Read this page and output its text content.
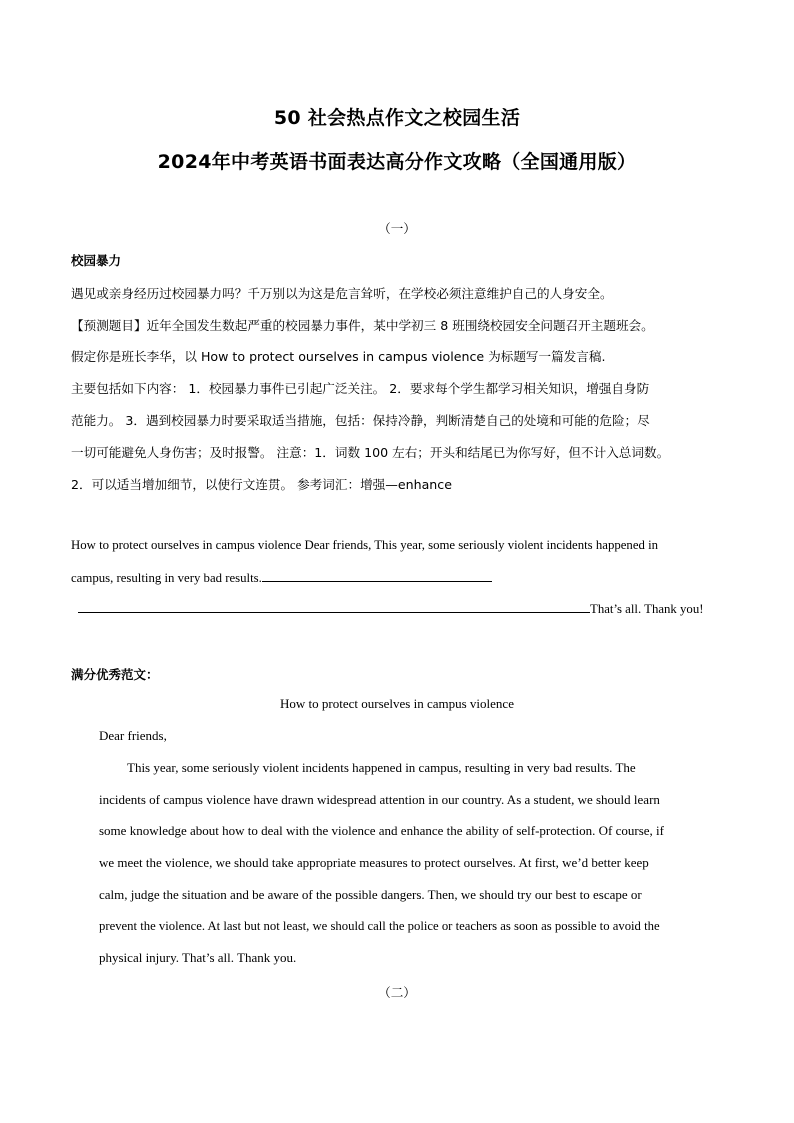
50 社会热点作文之校园生活
2024年中考英语书面表达高分作文攻略（全国通用版）
（一）
校园暴力
遇见或亲身经历过校园暴力吗？千万别以为这是危言耸听，在学校必须注意维护自己的人身安全。
【预测题目】近年全国发生数起严重的校园暴力事件，某中学初三 8 班围绕校园安全问题召开主题班会。
假定你是班长李华，以 How to protect ourselves in campus violence 为标题写一篇发言稿.
主要包括如下内容： 1．校园暴力事件已引起广泛关注。 2．要求每个学生都学习相关知识，增强自身防
范能力。 3．遇到校园暴力时要采取适当措施，包括：保持冷静，判断清楚自己的处境和可能的危险；尽
一切可能避免人身伤害；及时报警。 注意：1．词数 100 左右；开头和结尾已为你写好，但不计入总词数。
2．可以适当增加细节，以使行文连贯。 参考词汇：增强—enhance
How to protect ourselves in campus violence Dear friends, This year, some seriously violent incidents happened in
campus, resulting in very bad results.
That’s all. Thank you!
满分优秀范文：
How to protect ourselves in campus violence
Dear friends,
This year, some seriously violent incidents happened in campus, resulting in very bad results. The
incidents of campus violence have drawn widespread attention in our country. As a student, we should learn
some knowledge about how to deal with the violence and enhance the ability of self-protection. Of course, if
we meet the violence, we should take appropriate measures to protect ourselves. At first, we’d better keep
calm, judge the situation and be aware of the possible dangers. Then, we should try our best to escape or
prevent the violence. At last but not least, we should call the police or teachers as soon as possible to avoid the
physical injury. That’s all. Thank you.
（二）
